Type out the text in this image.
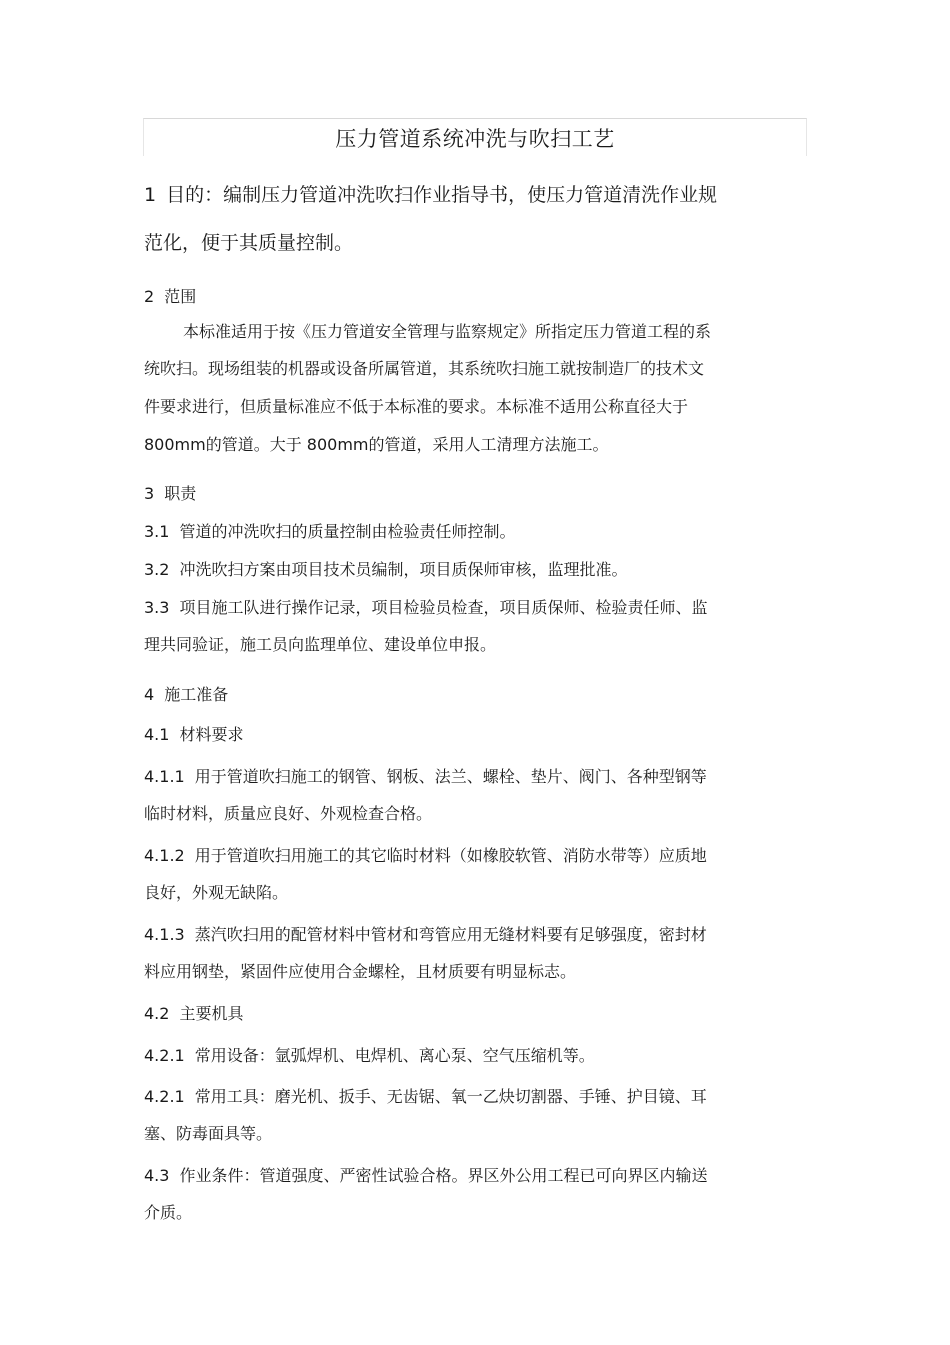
压力管道系统冲洗与吹扫工艺
1 目的：编制压力管道冲洗吹扫作业指导书，使压力管道清洗作业规
范化，便于其质量控制。
2 范围
本标准适用于按《压力管道安全管理与监察规定》所指定压力管道工程的系
统吹扫。现场组装的机器或设备所属管道，其系统吹扫施工就按制造厂的技术文
件要求进行，但质量标准应不低于本标准的要求。本标准不适用公称直径大于
800mm的管道。大于 800mm的管道，采用人工清理方法施工。
3 职责
3.1 管道的冲洗吹扫的质量控制由检验责任师控制。
3.2 冲洗吹扫方案由项目技术员编制，项目质保师审核，监理批准。
3.3 项目施工队进行操作记录，项目检验员检查，项目质保师、检验责任师、监
理共同验证，施工员向监理单位、建设单位申报。
4 施工准备
4.1 材料要求
4.1.1 用于管道吹扫施工的钢管、钢板、法兰、螺栓、垫片、阀门、各种型钢等
临时材料，质量应良好、外观检查合格。
4.1.2 用于管道吹扫用施工的其它临时材料（如橡胶软管、消防水带等）应质地
良好，外观无缺陷。
4.1.3 蒸汽吹扫用的配管材料中管材和弯管应用无缝材料要有足够强度，密封材
料应用钢垫，紧固件应使用合金螺栓，且材质要有明显标志。
4.2 主要机具
4.2.1 常用设备：氩弧焊机、电焊机、离心泵、空气压缩机等。
4.2.1 常用工具：磨光机、扳手、无齿锯、氧一乙炔切割器、手锤、护目镜、耳
塞、防毒面具等。
4.3 作业条件：管道强度、严密性试验合格。界区外公用工程已可向界区内输送
介质。
